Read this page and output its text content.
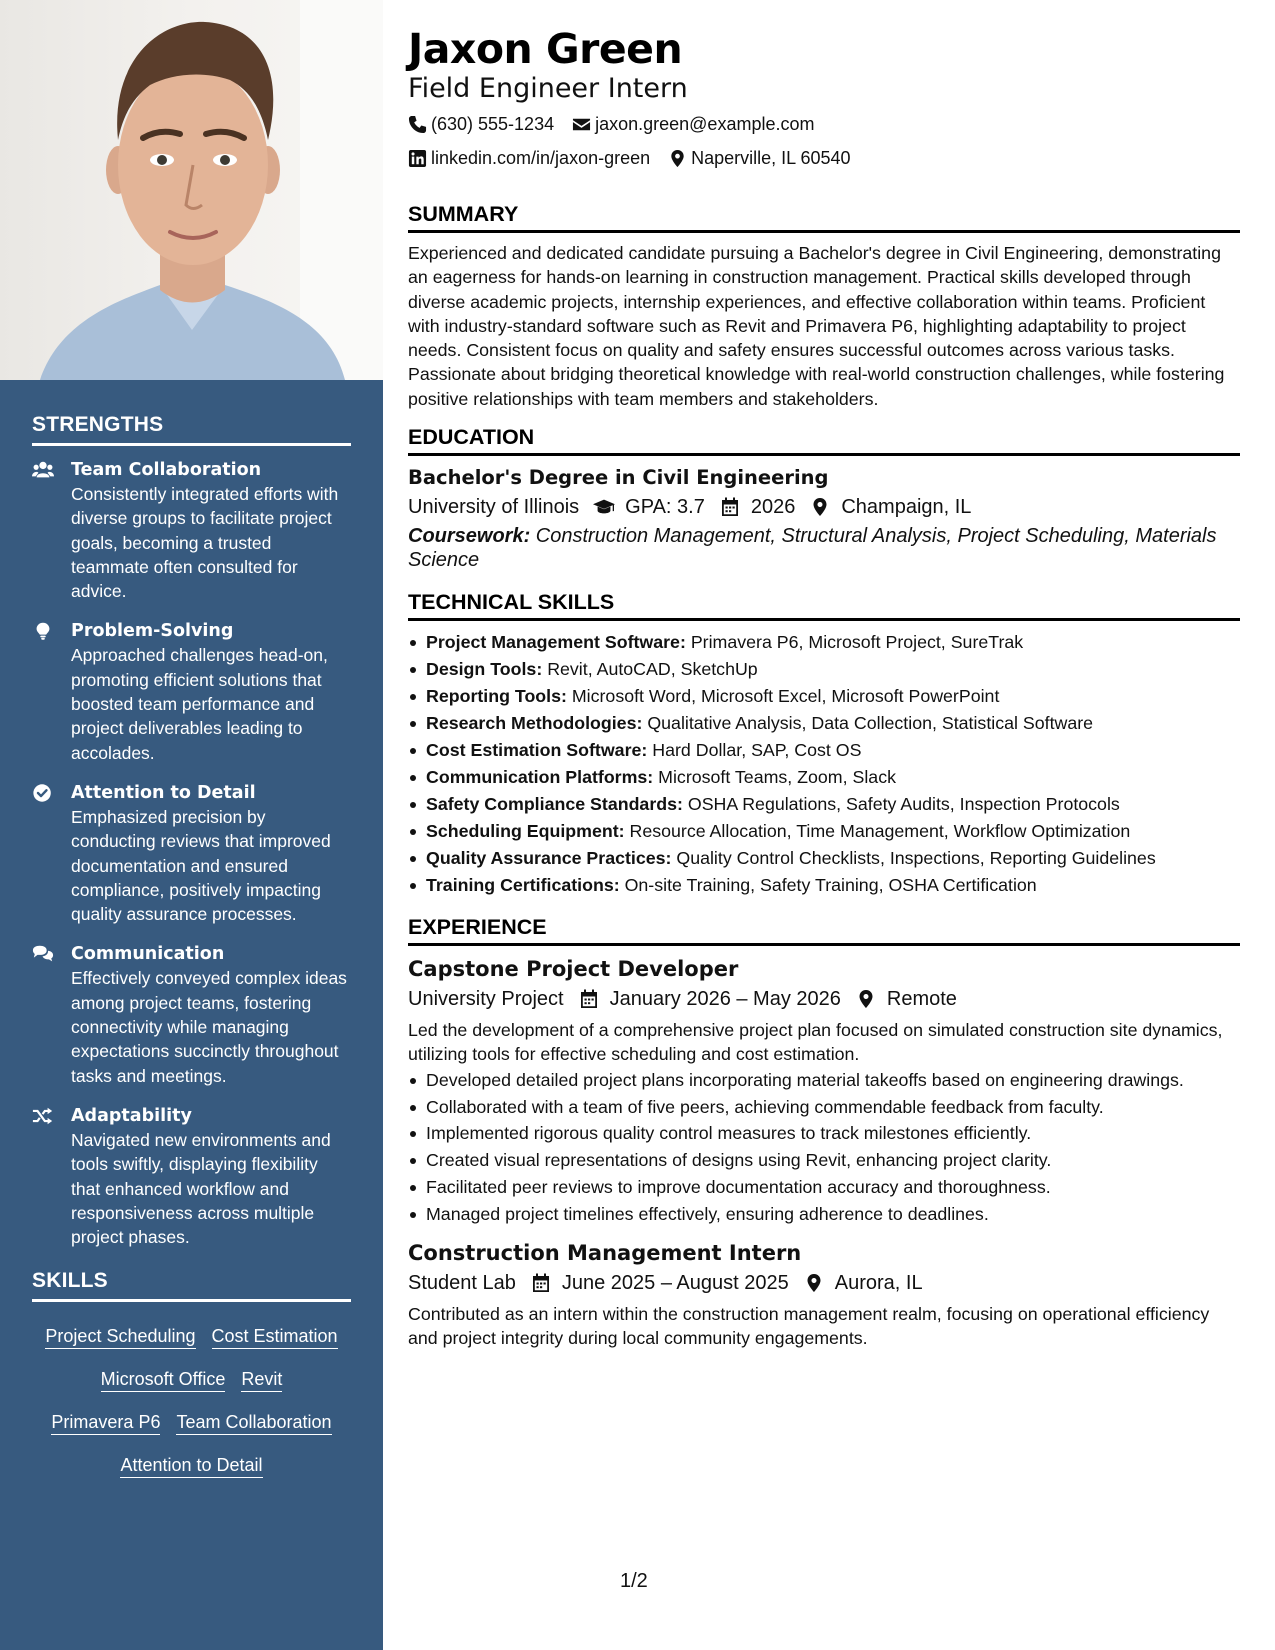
STRENGTHS
Team Collaboration
Consistently integrated efforts with diverse groups to facilitate project goals, becoming a trusted teammate often consulted for advice.
Problem-Solving
Approached challenges head-on, promoting efficient solutions that boosted team performance and project deliverables leading to accolades.
Attention to Detail
Emphasized precision by conducting reviews that improved documentation and ensured compliance, positively impacting quality assurance processes.
Communication
Effectively conveyed complex ideas among project teams, fostering connectivity while managing expectations succinctly throughout tasks and meetings.
Adaptability
Navigated new environments and tools swiftly, displaying flexibility that enhanced workflow and responsiveness across multiple project phases.
SKILLS
Project Scheduling Cost Estimation
Microsoft Office Revit
Primavera P6 Team Collaboration
Attention to Detail
Jaxon Green
Field Engineer Intern
(630) 555-1234 jaxon.green@example.com
linkedin.com/in/jaxon-green Naperville, IL 60540
SUMMARY
Experienced and dedicated candidate pursuing a Bachelor's degree in Civil Engineering, demonstrating an eagerness for hands-on learning in construction management. Practical skills developed through diverse academic projects, internship experiences, and effective collaboration within teams. Proficient with industry-standard software such as Revit and Primavera P6, highlighting adaptability to project needs. Consistent focus on quality and safety ensures successful outcomes across various tasks. Passionate about bridging theoretical knowledge with real-world construction challenges, while fostering positive relationships with team members and stakeholders.
EDUCATION
Bachelor's Degree in Civil Engineering
University of Illinois GPA: 3.7 2026 Champaign, IL
Coursework: Construction Management, Structural Analysis, Project Scheduling, Materials Science
TECHNICAL SKILLS
Project Management Software: Primavera P6, Microsoft Project, SureTrak
Design Tools: Revit, AutoCAD, SketchUp
Reporting Tools: Microsoft Word, Microsoft Excel, Microsoft PowerPoint
Research Methodologies: Qualitative Analysis, Data Collection, Statistical Software
Cost Estimation Software: Hard Dollar, SAP, Cost OS
Communication Platforms: Microsoft Teams, Zoom, Slack
Safety Compliance Standards: OSHA Regulations, Safety Audits, Inspection Protocols
Scheduling Equipment: Resource Allocation, Time Management, Workflow Optimization
Quality Assurance Practices: Quality Control Checklists, Inspections, Reporting Guidelines
Training Certifications: On-site Training, Safety Training, OSHA Certification
EXPERIENCE
Capstone Project Developer
University Project January 2026 – May 2026 Remote
Led the development of a comprehensive project plan focused on simulated construction site dynamics, utilizing tools for effective scheduling and cost estimation.
Developed detailed project plans incorporating material takeoffs based on engineering drawings.
Collaborated with a team of five peers, achieving commendable feedback from faculty.
Implemented rigorous quality control measures to track milestones efficiently.
Created visual representations of designs using Revit, enhancing project clarity.
Facilitated peer reviews to improve documentation accuracy and thoroughness.
Managed project timelines effectively, ensuring adherence to deadlines.
Construction Management Intern
Student Lab June 2025 – August 2025 Aurora, IL
Contributed as an intern within the construction management realm, focusing on operational efficiency and project integrity during local community engagements.
1/2
